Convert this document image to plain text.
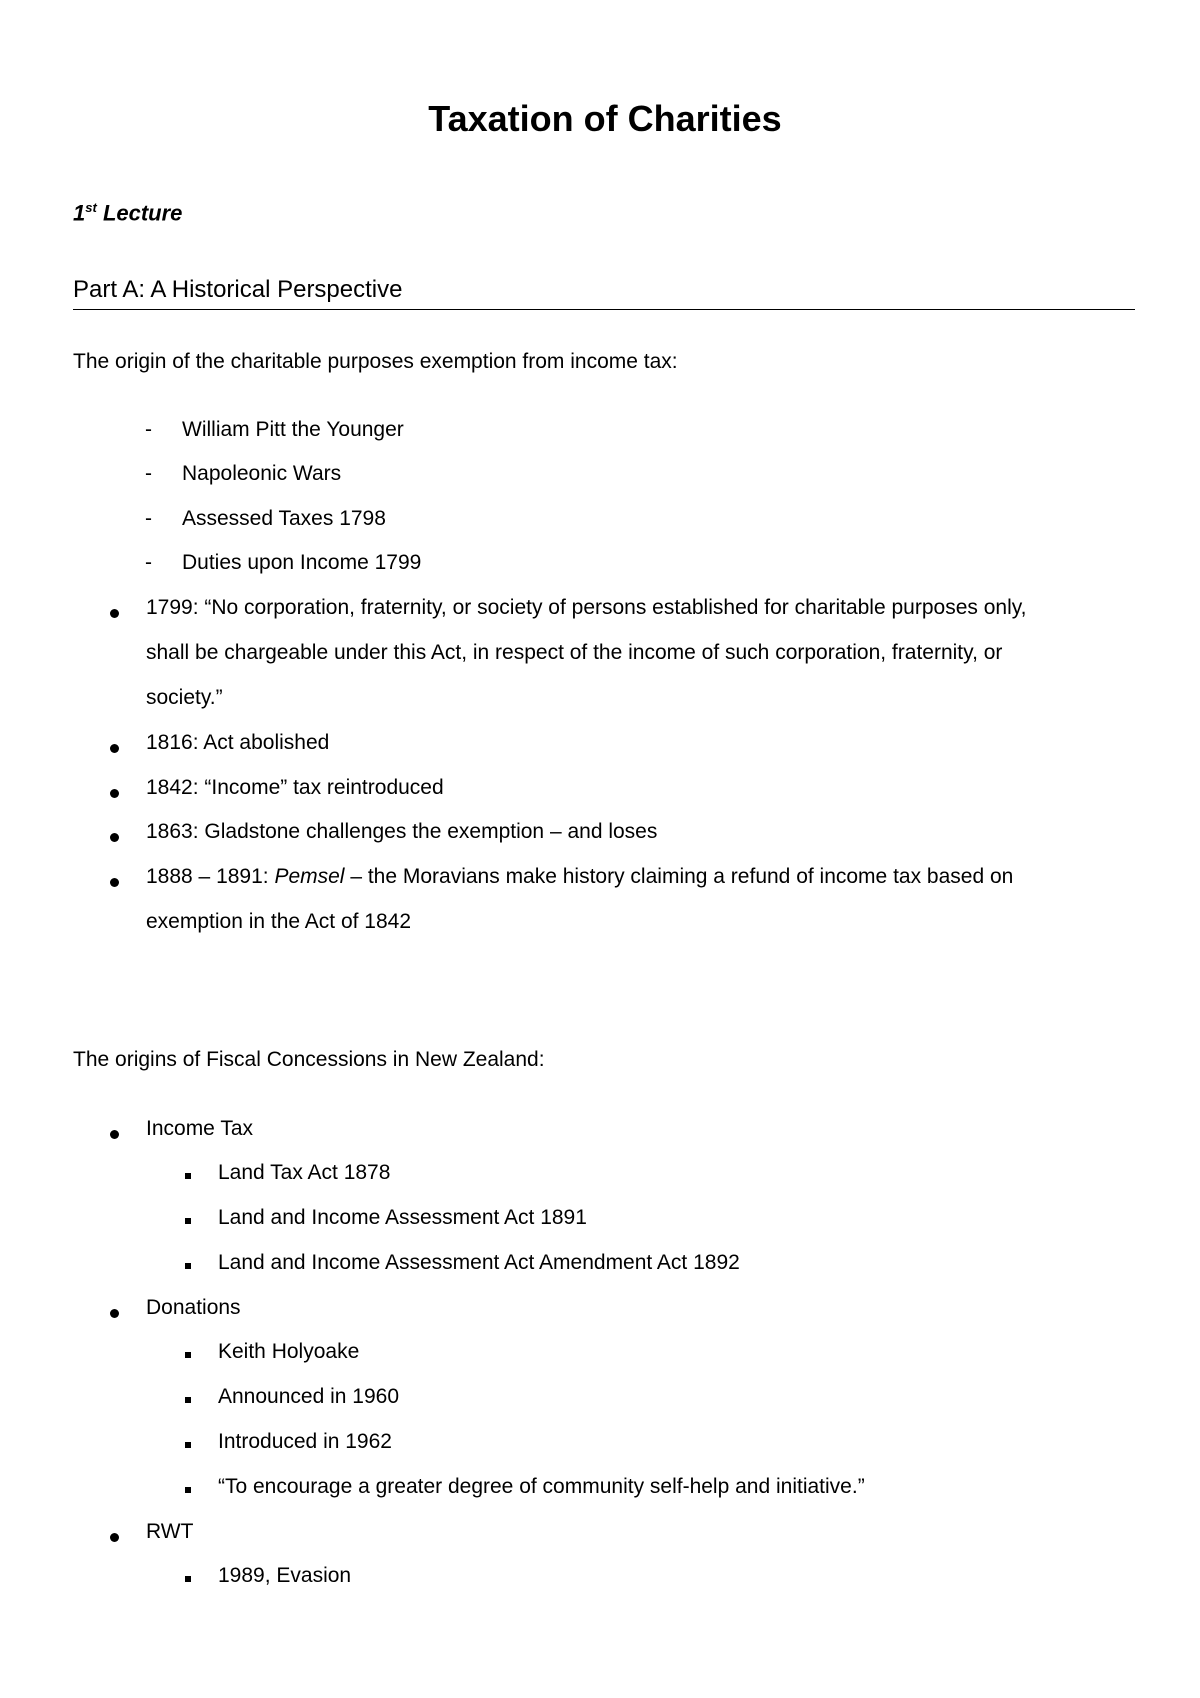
Taxation of Charities
1st Lecture
Part A: A Historical Perspective
The origin of the charitable purposes exemption from income tax:
- William Pitt the Younger
- Napoleonic Wars
- Assessed Taxes 1798
- Duties upon Income 1799
1799: “No corporation, fraternity, or society of persons established for charitable purposes only,
shall be chargeable under this Act, in respect of the income of such corporation, fraternity, or
society.”
1816: Act abolished
1842: “Income” tax reintroduced
1863: Gladstone challenges the exemption – and loses
1888 – 1891: Pemsel – the Moravians make history claiming a refund of income tax based on
exemption in the Act of 1842
The origins of Fiscal Concessions in New Zealand:
Income Tax
Land Tax Act 1878
Land and Income Assessment Act 1891
Land and Income Assessment Act Amendment Act 1892
Donations
Keith Holyoake
Announced in 1960
Introduced in 1962
“To encourage a greater degree of community self-help and initiative.”
RWT
1989, Evasion
